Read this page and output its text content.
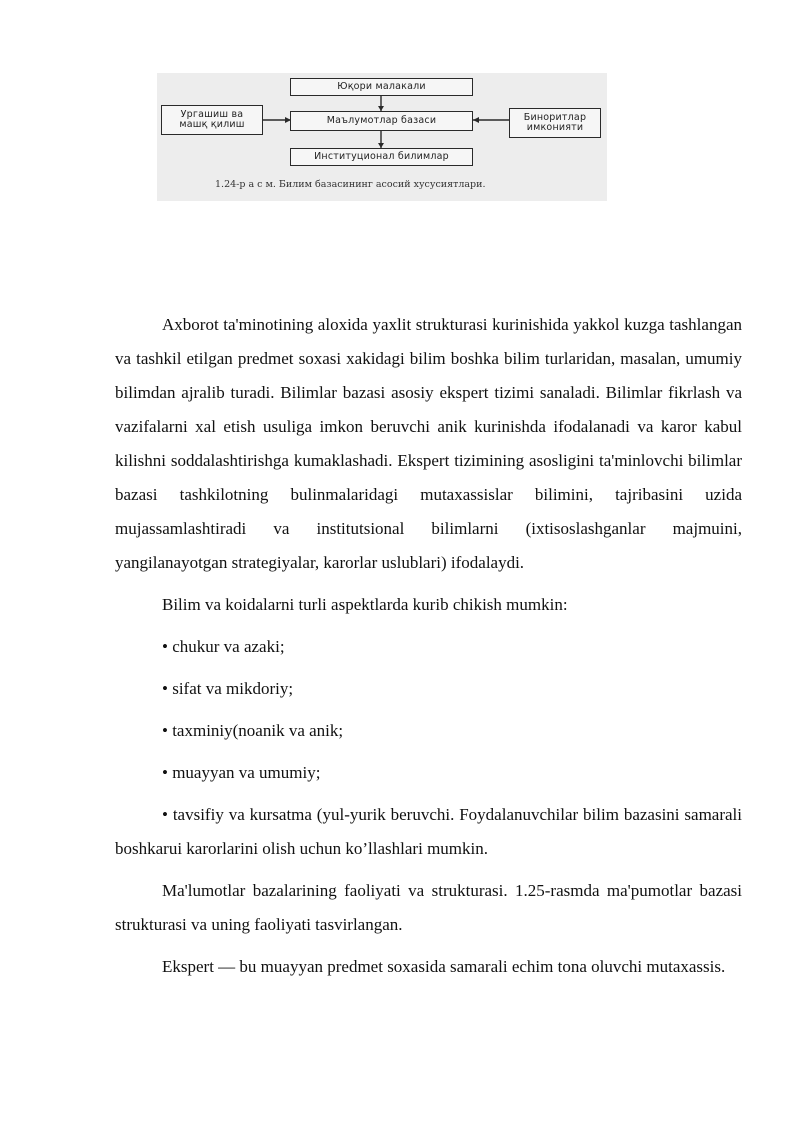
Юқори малакали
Маълумотлар базаси
Институционал билимлар
Ургашиш ва машқ қилиш
Биноритлар имконияти
1.24-р а с м. Билим базасининг асосий хусусиятлари.

Axborot ta'minotining aloxida yaxlit strukturasi kurinishida yakkol kuzga tashlangan va tashkil etilgan predmet soxasi xakidagi bilim boshka bilim turlaridan, masalan, umumiy bilimdan ajralib turadi. Bilimlar bazasi asosiy ekspert tizimi sanaladi. Bilimlar fikrlash va vazifalarni xal etish usuliga imkon beruvchi anik kurinishda ifodalanadi va karor kabul kilishni soddalashtirishga kumaklashadi. Ekspert tizimining asosligini ta'minlovchi bilimlar bazasi tashkilotning bulinmalaridagi mutaxassislar bilimini, tajribasini uzida mujassamlashtiradi va institutsional bilimlarni (ixtisoslashganlar majmuini, yangilanayotgan strategiyalar, karorlar uslublari) ifodalaydi.

Bilim va koidalarni turli aspektlarda kurib chikish mumkin:

• chukur va azaki;

• sifat va mikdoriy;

• taxminiy(noanik va anik;

• muayyan va umumiy;

• tavsifiy va kursatma (yul-yurik beruvchi. Foydalanuvchilar bilim bazasini samarali boshkarui karorlarini olish uchun ko’llashlari mumkin.

Ma'lumotlar bazalarining faoliyati va strukturasi. 1.25-rasmda ma'pumotlar bazasi strukturasi va uning faoliyati tasvirlangan.

Ekspert — bu muayyan predmet soxasida samarali echim tona oluvchi mutaxassis.
